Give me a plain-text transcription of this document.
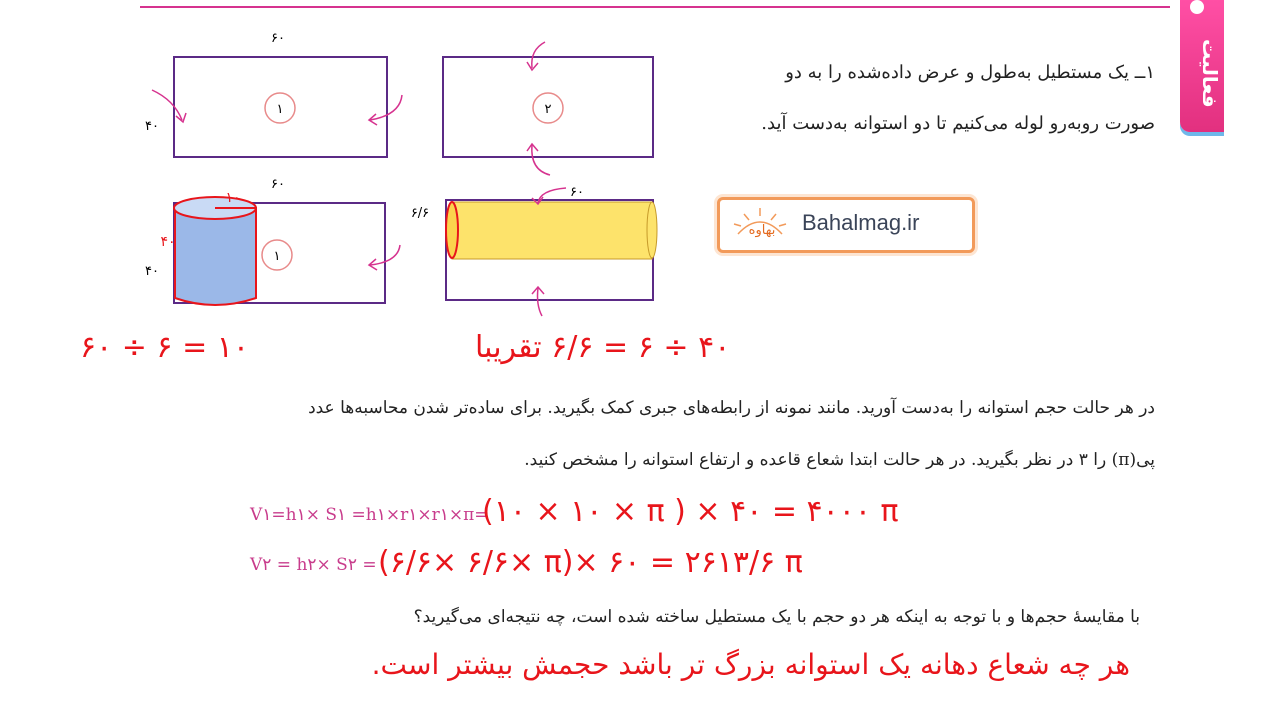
فعالیت
۱ــ یک مستطیل به‌طول و عرض داده‌شده را به دو
صورت روبه‌رو لوله می‌کنیم تا دو استوانه به‌دست آید.
۶۰
۴۰
۱	۲
۶۰
۴۰
۱۰
۴۰
۱
۶۰
۶/۶
بهاوه Bahalmag.ir
۶۰ ÷ ۶ = ۱۰	۴۰ ÷ ۶ = ۶/۶ تقریبا
در هر حالت حجم استوانه را به‌دست آورید. مانند نمونه از رابطه‌های جبری کمک بگیرید. برای ساده‌تر شدن محاسبه‌ها عدد
پی(π) را ۳ در نظر بگیرید. در هر حالت ابتدا شعاع قاعده و ارتفاع استوانه را مشخص کنید.
V۱=h۱× S۱ =h۱×r۱×r۱×π=
(۱۰ × ۱۰ × π ) × ۴۰ = ۴۰۰۰ π
V۲ = h۲× S۲ = (۶/۶× ۶/۶× π)× ۶۰ = ۲۶۱۳/۶ π
با مقایسهٔ حجم‌ها و با توجه به اینکه هر دو حجم با یک مستطیل ساخته شده است، چه نتیجه‌ای می‌گیرید؟
هر چه شعاع دهانه یک استوانه بزرگ تر باشد حجمش بیشتر است.
